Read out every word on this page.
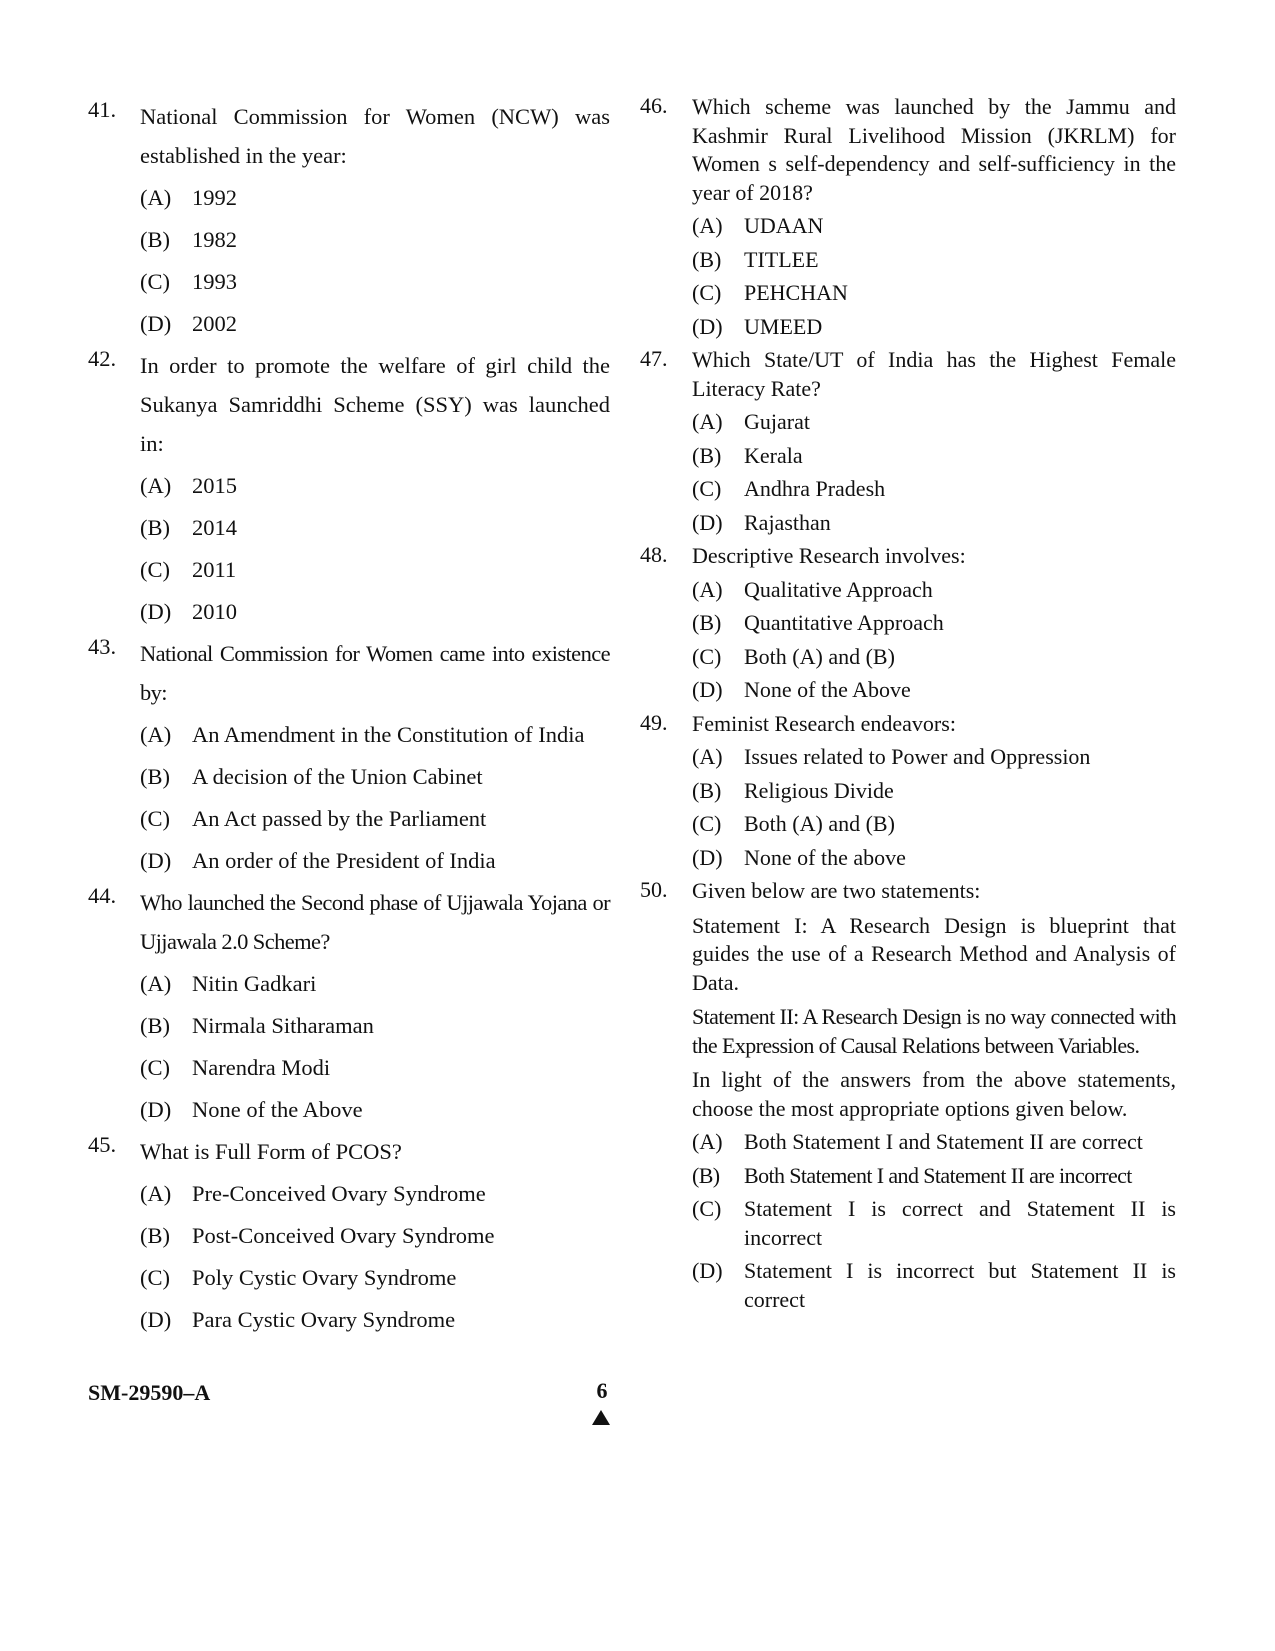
41. National Commission for Women (NCW) was established in the year:
(A) 1992
(B) 1982
(C) 1993
(D) 2002
42. In order to promote the welfare of girl child the Sukanya Samriddhi Scheme (SSY) was launched in:
(A) 2015
(B) 2014
(C) 2011
(D) 2010
43. National Commission for Women came into existence by:
(A) An Amendment in the Constitution of India
(B) A decision of the Union Cabinet
(C) An Act passed by the Parliament
(D) An order of the President of India
44. Who launched the Second phase of Ujjawala Yojana or Ujjawala 2.0 Scheme?
(A) Nitin Gadkari
(B) Nirmala Sitharaman
(C) Narendra Modi
(D) None of the Above
45. What is Full Form of PCOS?
(A) Pre-Conceived Ovary Syndrome
(B) Post-Conceived Ovary Syndrome
(C) Poly Cystic Ovary Syndrome
(D) Para Cystic Ovary Syndrome
46. Which scheme was launched by the Jammu and Kashmir Rural Livelihood Mission (JKRLM) for Women s self-dependency and self-sufficiency in the year of 2018?
(A) UDAAN
(B) TITLEE
(C) PEHCHAN
(D) UMEED
47. Which State/UT of India has the Highest Female Literacy Rate?
(A) Gujarat
(B) Kerala
(C) Andhra Pradesh
(D) Rajasthan
48. Descriptive Research involves:
(A) Qualitative Approach
(B) Quantitative Approach
(C) Both (A) and (B)
(D) None of the Above
49. Feminist Research endeavors:
(A) Issues related to Power and Oppression
(B) Religious Divide
(C) Both (A) and (B)
(D) None of the above
50. Given below are two statements:
Statement I: A Research Design is blueprint that guides the use of a Research Method and Analysis of Data.
Statement II: A Research Design is no way connected with the Expression of Causal Relations between Variables.
In light of the answers from the above statements, choose the most appropriate options given below.
(A) Both Statement I and Statement II are correct
(B) Both Statement I and Statement II are incorrect
(C) Statement I is correct and Statement II is incorrect
(D) Statement I is incorrect but Statement II is correct
SM-29590–A	6
